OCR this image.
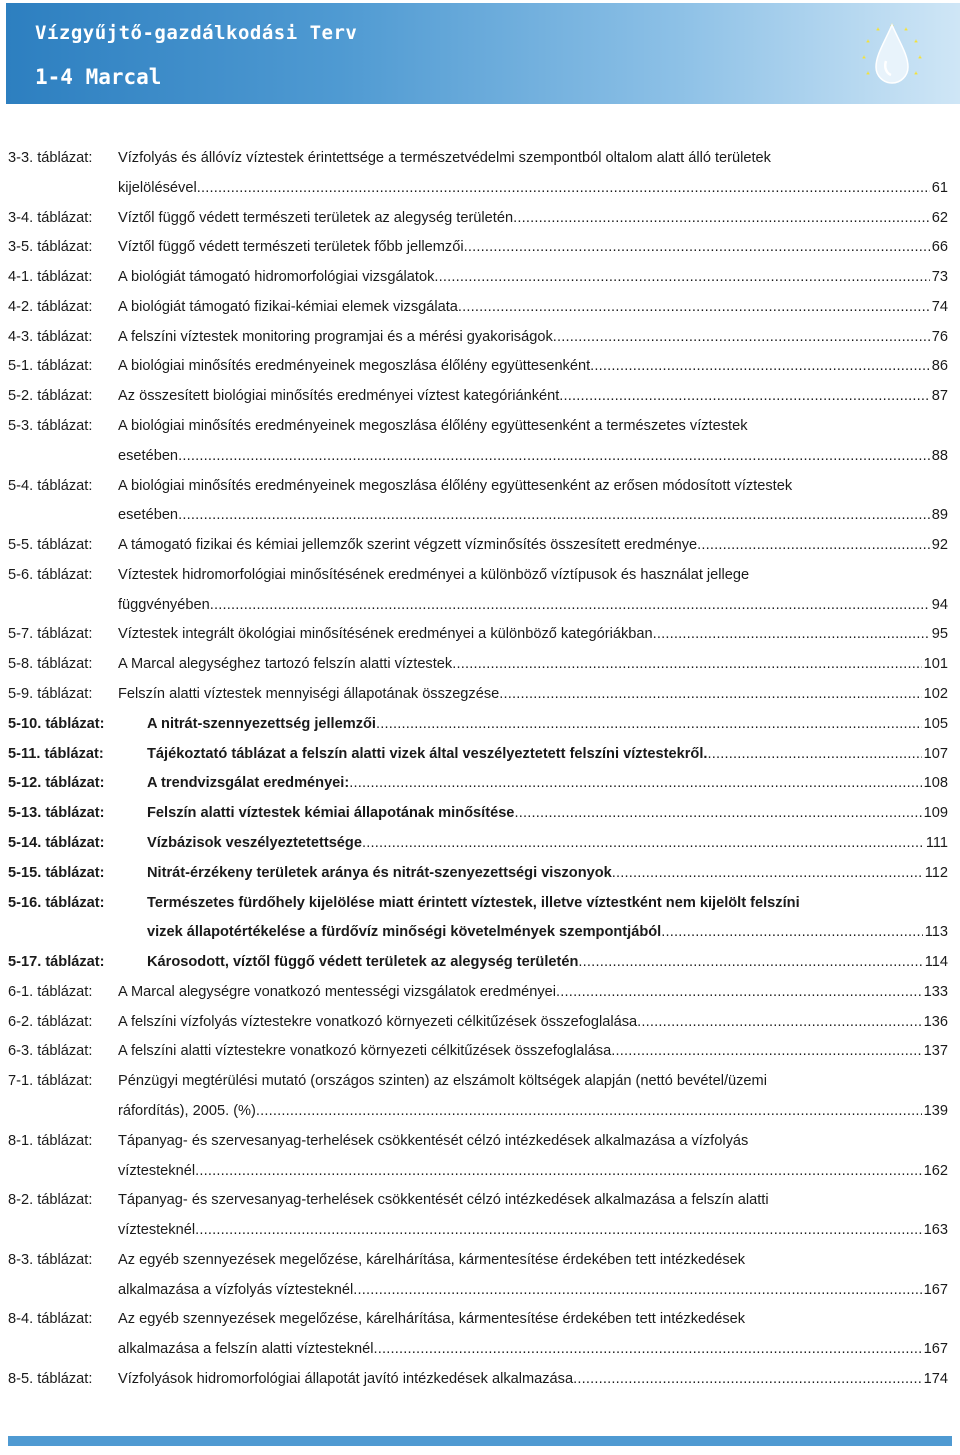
Vízgyűjtő-gazdálkodási Terv
1-4 Marcal
3-3. táblázat: Vízfolyás és állóvíz víztestek érintettsége a természetvédelmi szempontból oltalom alatt álló területek
kijelölésével .....	61
3-4. táblázat: Víztől függő védett természeti területek az alegység területén .....	62
3-5. táblázat: Víztől függő védett természeti területek főbb jellemzői .....	66
4-1. táblázat: A biológiát támogató hidromorfológiai vizsgálatok .....	73
4-2. táblázat: A biológiát támogató fizikai-kémiai elemek vizsgálata .....	74
4-3. táblázat: A felszíni víztestek monitoring programjai és a mérési gyakoriságok .....	76
5-1. táblázat: A biológiai minősítés eredményeinek megoszlása élőlény együttesenként .....	86
5-2. táblázat: Az összesített biológiai minősítés eredményei víztest kategóriánként .....	87
5-3. táblázat: A biológiai minősítés eredményeinek megoszlása élőlény együttesenként a természetes víztestek
esetében .....	88
5-4. táblázat: A biológiai minősítés eredményeinek megoszlása élőlény együttesenként az erősen módosított víztestek
esetében .....	89
5-5. táblázat: A támogató fizikai és kémiai jellemzők szerint végzett vízminősítés összesített eredménye .....	92
5-6. táblázat: Víztestek hidromorfológiai minősítésének eredményei a különböző víztípusok és használat jellege
függvényében .....	94
5-7. táblázat: Víztestek integrált ökológiai minősítésének eredményei a különböző kategóriákban .....	95
5-8. táblázat: A Marcal alegységhez tartozó felszín alatti víztestek .....	101
5-9. táblázat: Felszín alatti víztestek mennyiségi állapotának összegzése .....	102
5-10. táblázat:	A nitrát-szennyezettség jellemzői .....	105
5-11. táblázat:	Tájékoztató táblázat a felszín alatti vizek által veszélyeztetett felszíni víztestekről. .....	107
5-12. táblázat:	A trendvizsgálat eredményei: .....	108
5-13. táblázat:	Felszín alatti víztestek kémiai állapotának minősítése .....	109
5-14. táblázat:	Vízbázisok veszélyeztetettsége .....	111
5-15. táblázat:	Nitrát-érzékeny területek aránya és nitrát-szenyezettségi viszonyok .....	112
5-16. táblázat:	Természetes fürdőhely kijelölése miatt érintett víztestek, illetve víztestként nem kijelölt felszíni
vizek állapotértékelése a fürdővíz minőségi követelmények szempontjából .....	113
5-17. táblázat:	Károsodott, víztől függő védett területek az alegység területén .....	114
6-1. táblázat: A Marcal alegységre vonatkozó mentességi vizsgálatok eredményei .....	133
6-2. táblázat: A felszíni vízfolyás víztestekre vonatkozó környezeti célkitűzések összefoglalása .....	136
6-3. táblázat: A felszíni alatti víztestekre vonatkozó környezeti célkitűzések összefoglalása .....	137
7-1. táblázat: Pénzügyi megtérülési mutató (országos szinten) az elszámolt költségek alapján (nettó bevétel/üzemi
ráfordítás), 2005. (%) .....	139
8-1. táblázat: Tápanyag- és szervesanyag-terhelések csökkentését célzó intézkedések alkalmazása a vízfolyás
víztesteknél .....	162
8-2. táblázat: Tápanyag- és szervesanyag-terhelések csökkentését célzó intézkedések alkalmazása a felszín alatti
víztesteknél .....	163
8-3. táblázat: Az egyéb szennyezések megelőzése, kárelhárítása, kármentesítése érdekében tett intézkedések
alkalmazása a vízfolyás víztesteknél .....	167
8-4. táblázat: Az egyéb szennyezések megelőzése, kárelhárítása, kármentesítése érdekében tett intézkedések
alkalmazása a felszín alatti víztesteknél .....	167
8-5. táblázat: Vízfolyások hidromorfológiai állapotát javító intézkedések alkalmazása .....	174
